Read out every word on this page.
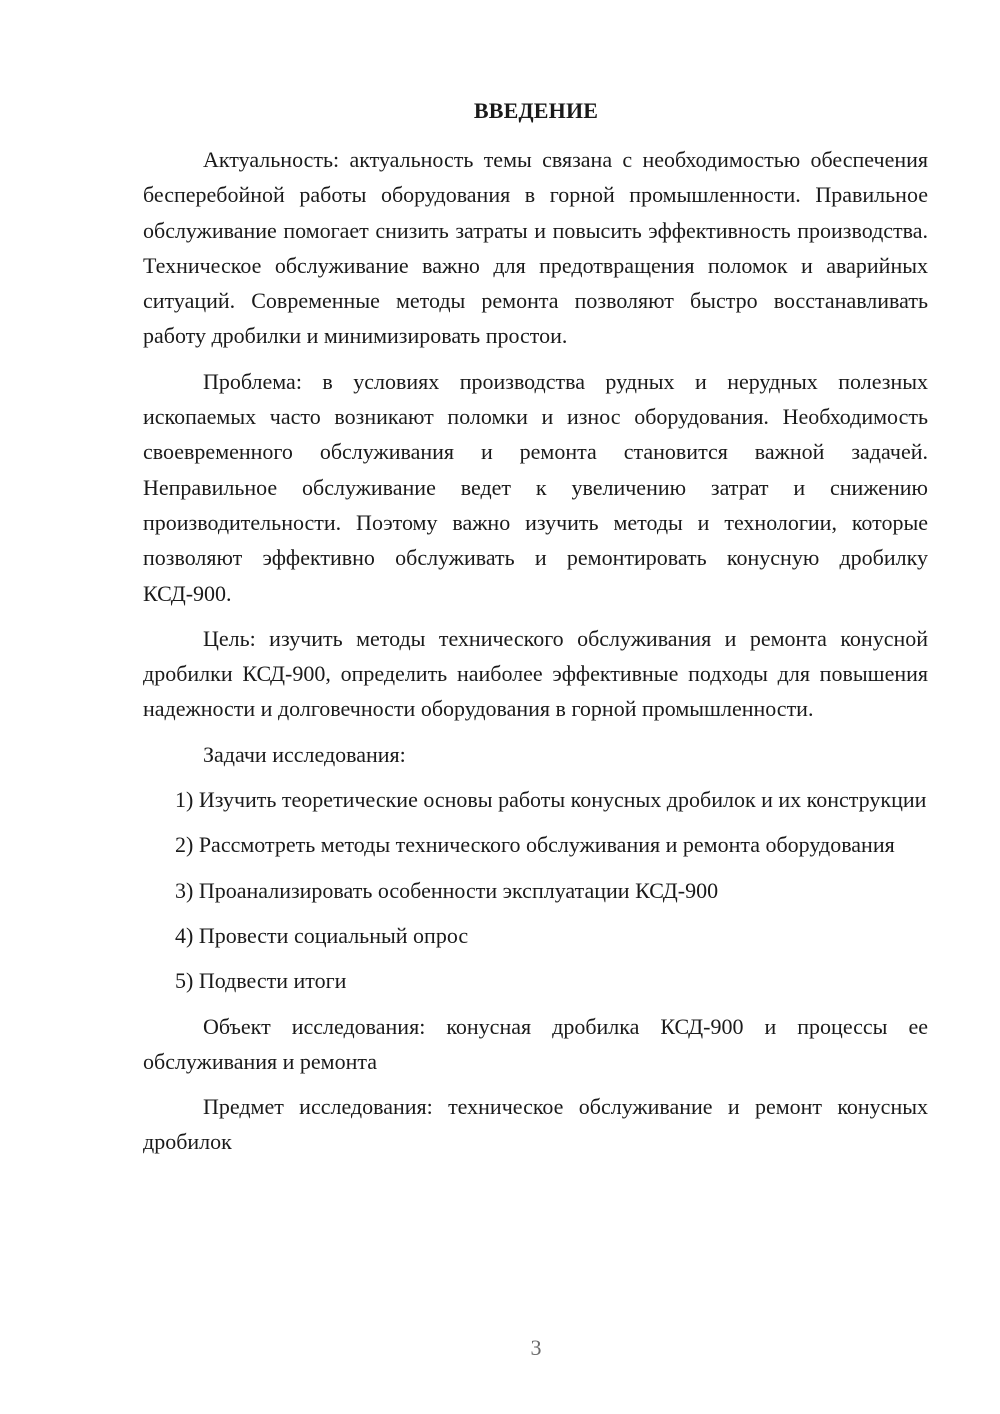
ВВЕДЕНИЕ

Актуальность: актуальность темы связана с необходимостью обеспечения бесперебойной работы оборудования в горной промышленности. Правильное обслуживание помогает снизить затраты и повысить эффективность производства. Техническое обслуживание важно для предотвращения поломок и аварийных ситуаций. Современные методы ремонта позволяют быстро восстанавливать работу дробилки и минимизировать простои.

Проблема: в условиях производства рудных и нерудных полезных ископаемых часто возникают поломки и износ оборудования. Необходимость своевременного обслуживания и ремонта становится важной задачей. Неправильное обслуживание ведет к увеличению затрат и снижению производительности. Поэтому важно изучить методы и технологии, которые позволяют эффективно обслуживать и ремонтировать конусную дробилку КСД-900.

Цель: изучить методы технического обслуживания и ремонта конусной дробилки КСД-900, определить наиболее эффективные подходы для повышения надежности и долговечности оборудования в горной промышленности.

Задачи исследования:

1) Изучить теоретические основы работы конусных дробилок и их конструкции

2) Рассмотреть методы технического обслуживания и ремонта оборудования

3) Проанализировать особенности эксплуатации КСД-900

4) Провести социальный опрос

5) Подвести итоги

Объект исследования: конусная дробилка КСД-900 и процессы ее обслуживания и ремонта

Предмет исследования: техническое обслуживание и ремонт конусных дробилок

3
